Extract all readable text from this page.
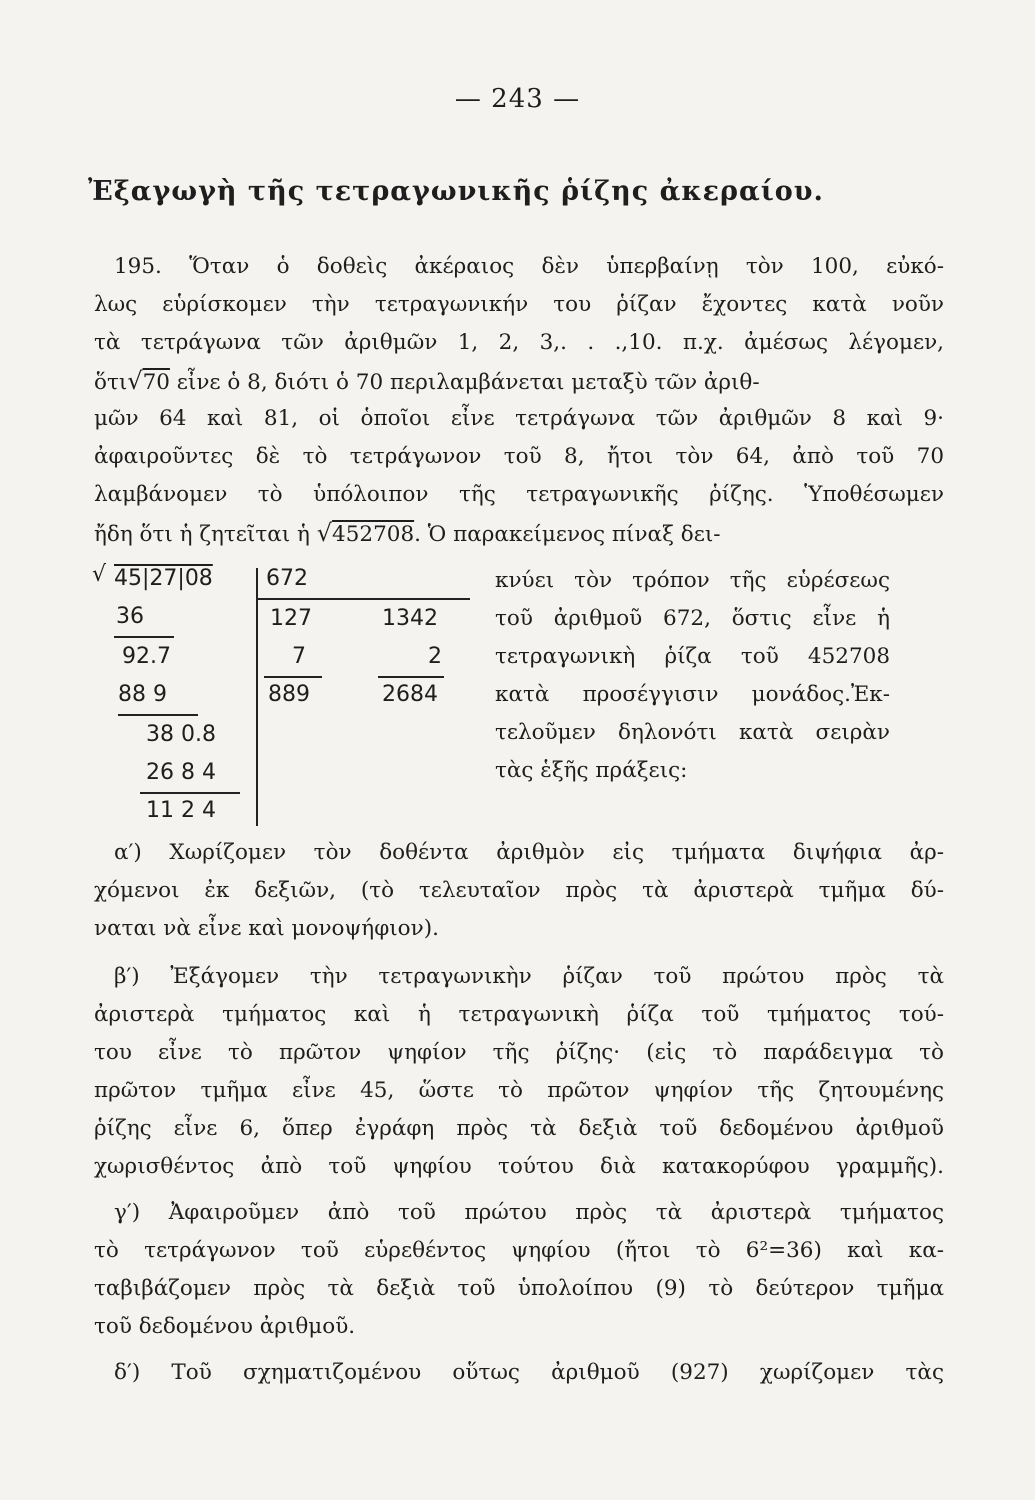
— 243 —
Ἐξαγωγὴ τῆς τετραγωνικῆς ῥίζης ἀκεραίου.
195. Ὅταν ὁ δοθεὶς ἀκέραιος δὲν ὑπερβαίνῃ τὸν 100, εὐκό-
λως εὑρίσκομεν τὴν τετραγωνικήν του ῥίζαν ἔχοντες κατὰ νοῦν
τὰ τετράγωνα τῶν ἀριθμῶν 1, 2, 3,. . .,10. π.χ. ἀμέσως λέγομεν,
ὅτι√70 εἶνε ὁ 8, διότι ὁ 70 περιλαμβάνεται μεταξὺ τῶν ἀριθ-
μῶν 64 καὶ 81, οἱ ὁποῖοι εἶνε τετράγωνα τῶν ἀριθμῶν 8 καὶ 9·
ἀφαιροῦντες δὲ τὸ τετράγωνον τοῦ 8, ἤτοι τὸν 64, ἀπὸ τοῦ 70
λαμβάνομεν τὸ ὑπόλοιπον τῆς τετραγωνικῆς ῥίζης. Ὑποθέσωμεν
ἤδη ὅτι ἡ ζητεῖται ἡ √452708. Ὁ παρακείμενος πίναξ δει-
√ 45|27|08
36
92.7
88 9
38 0.8
26 8 4
11 2 4
672
127
7
889
1342
2
2684
κνύει τὸν τρόπον τῆς εὑρέσεως
τοῦ ἀριθμοῦ 672, ὅστις εἶνε ἡ
τετραγωνικὴ ῥίζα τοῦ 452708
κατὰ προσέγγισιν μονάδος.Ἐκ-
τελοῦμεν δηλονότι κατὰ σειρὰν
τὰς ἑξῆς πράξεις:
α′) Χωρίζομεν τὸν δοθέντα ἀριθμὸν εἰς τμήματα διψήφια ἀρ-
χόμενοι ἐκ δεξιῶν, (τὸ τελευταῖον πρὸς τὰ ἀριστερὰ τμῆμα δύ-
ναται νὰ εἶνε καὶ μονοψήφιον).
β′) Ἐξάγομεν τὴν τετραγωνικὴν ῥίζαν τοῦ πρώτου πρὸς τὰ
ἀριστερὰ τμήματος καὶ ἡ τετραγωνικὴ ῥίζα τοῦ τμήματος τού-
του εἶνε τὸ πρῶτον ψηφίον τῆς ῥίζης· (εἰς τὸ παράδειγμα τὸ
πρῶτον τμῆμα εἶνε 45, ὥστε τὸ πρῶτον ψηφίον τῆς ζητουμένης
ῥίζης εἶνε 6, ὅπερ ἐγράφη πρὸς τὰ δεξιὰ τοῦ δεδομένου ἀριθμοῦ
χωρισθέντος ἀπὸ τοῦ ψηφίου τούτου διὰ κατακορύφου γραμμῆς).
γ′) Ἀφαιροῦμεν ἀπὸ τοῦ πρώτου πρὸς τὰ ἀριστερὰ τμήματος
τὸ τετράγωνον τοῦ εὑρεθέντος ψηφίου (ἤτοι τὸ 6²=36) καὶ κα-
ταβιβάζομεν πρὸς τὰ δεξιὰ τοῦ ὑπολοίπου (9) τὸ δεύτερον τμῆμα
τοῦ δεδομένου ἀριθμοῦ.
δ′) Τοῦ σχηματιζομένου οὕτως ἀριθμοῦ (927) χωρίζομεν τὰς
